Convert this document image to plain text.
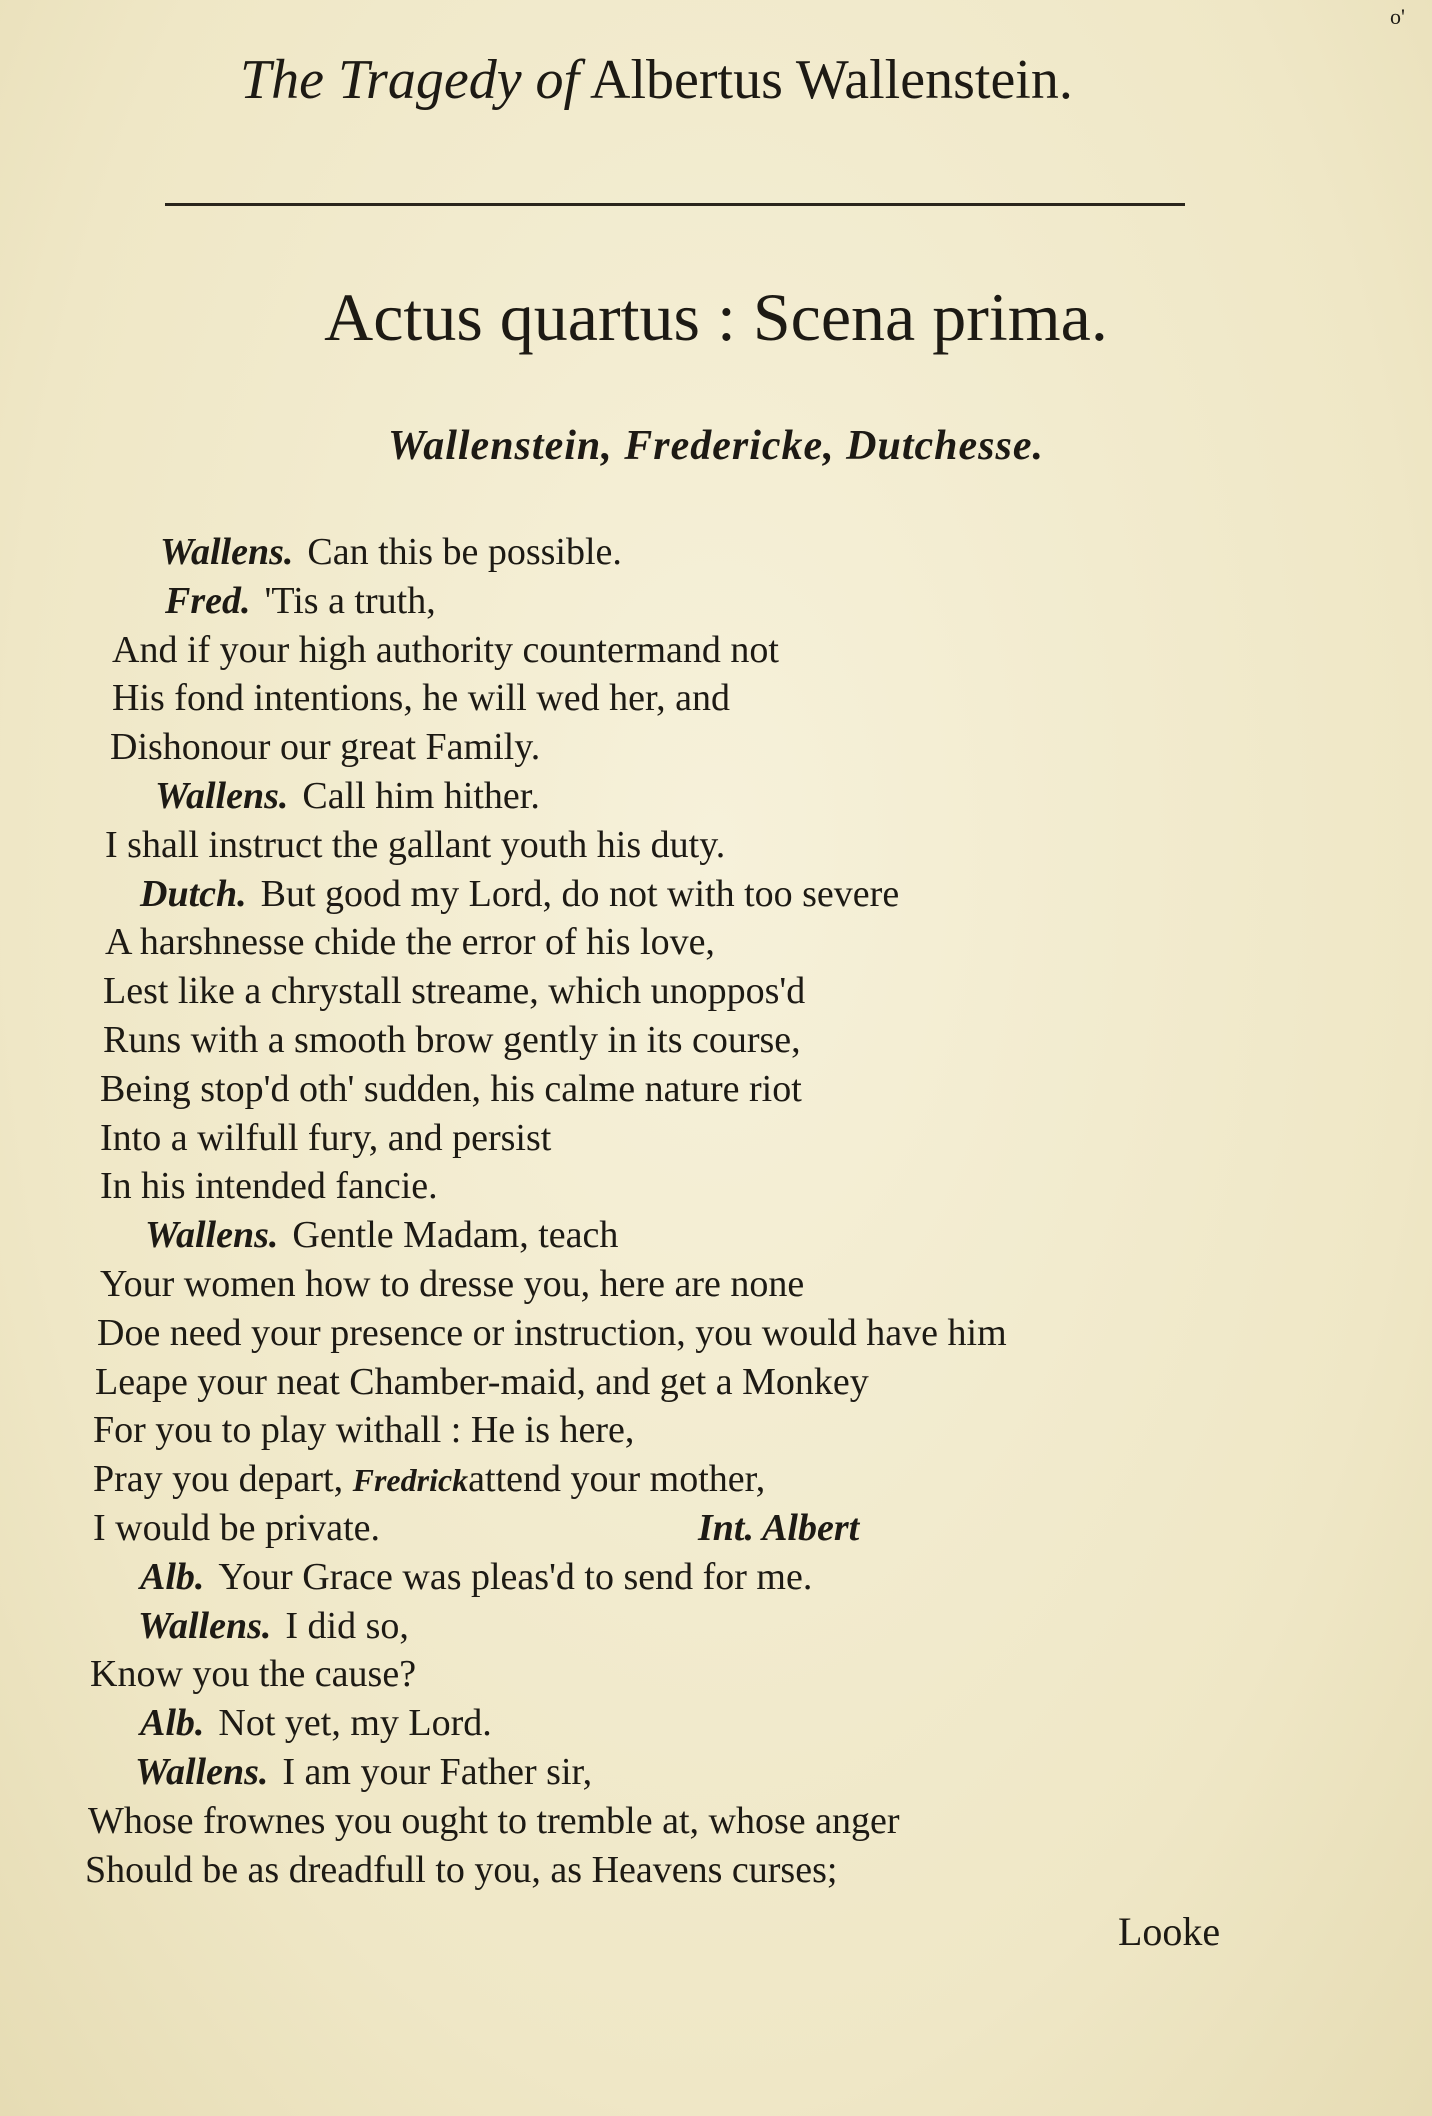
o'
The Tragedy of Albertus Wallenstein.
Actus quartus : Scena prima.
Wallenstein, Fredericke, Dutchesse.
Wallens. Can this be possible.
Fred. 'Tis a truth,
And if your high authority countermand not
His fond intentions, he will wed her, and
Dishonour our great Family.
Wallens. Call him hither.
I shall instruct the gallant youth his duty.
Dutch. But good my Lord, do not with too severe
A harshnesse chide the error of his love,
Lest like a chrystall streame, which unoppos'd
Runs with a smooth brow gently in its course,
Being stop'd oth' sudden, his calme nature riot
Into a wilfull fury, and persist
In his intended fancie.
Wallens. Gentle Madam, teach
Your women how to dresse you, here are none
Doe need your presence or instruction, you would have him
Leape your neat Chamber-maid, and get a Monkey
For you to play withall : He is here,
Pray you depart, Fredrickattend your mother,
I would be private.	Int. Albert
Alb. Your Grace was pleas'd to send for me.
Wallens. I did so,
Know you the cause?
Alb. Not yet, my Lord.
Wallens. I am your Father sir,
Whose frownes you ought to tremble at, whose anger
Should be as dreadfull to you, as Heavens curses;
Looke
